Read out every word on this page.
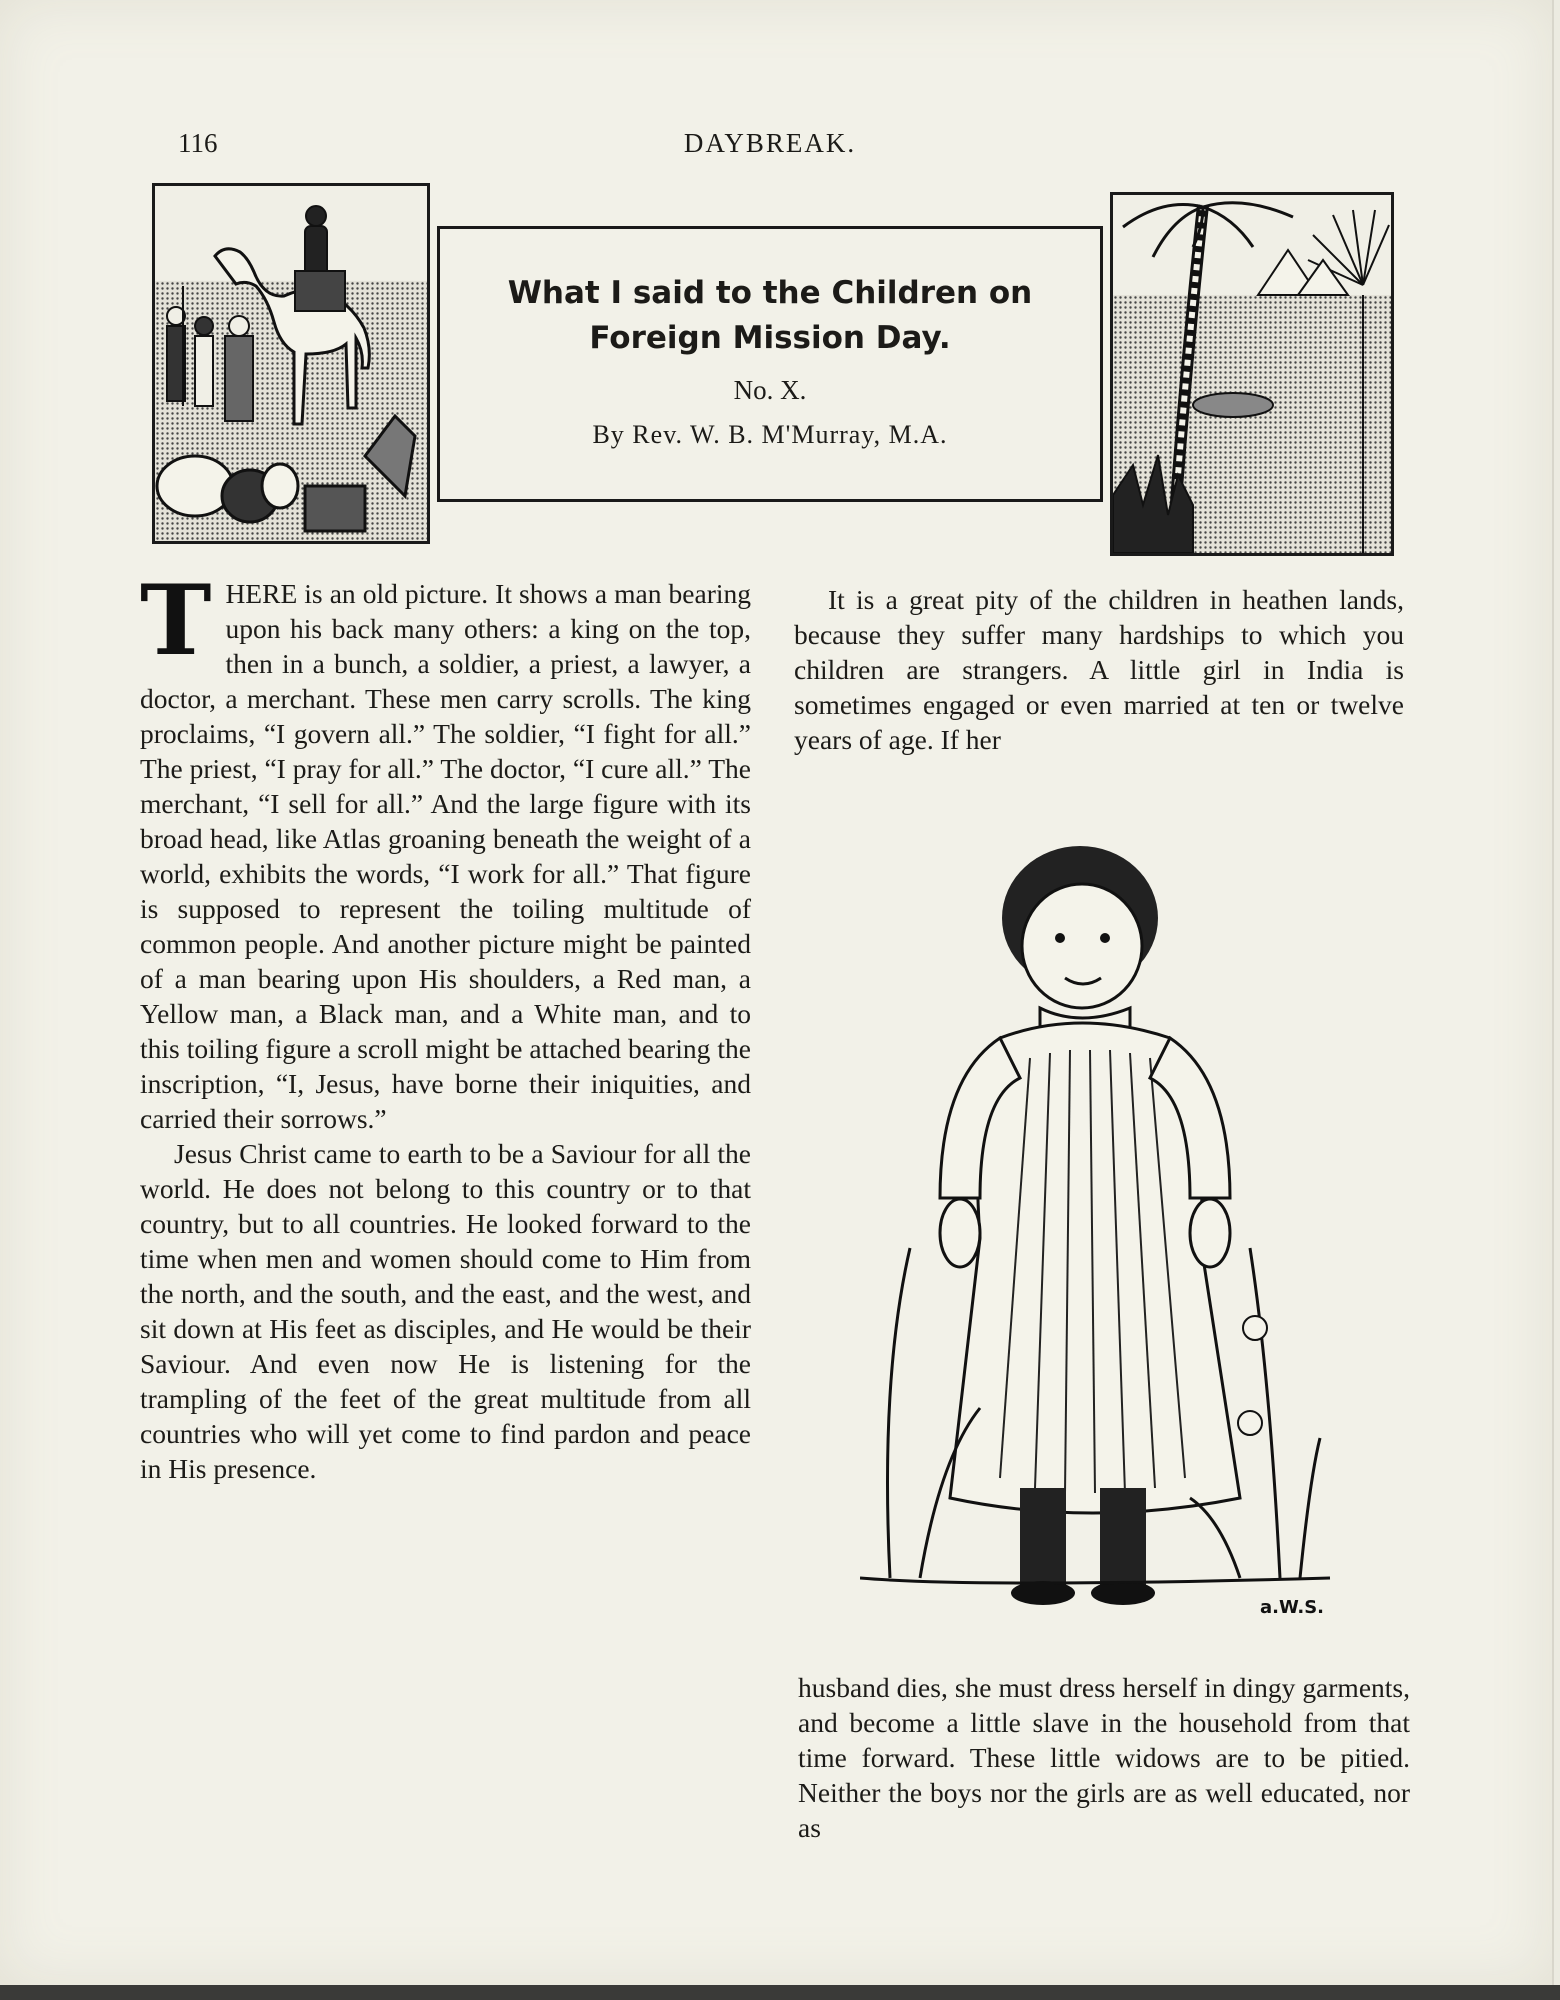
116	DAYBREAK.
What I said to the Children on Foreign Mission Day.
No. X.
By Rev. W. B. M'Murray, M.A.

THERE is an old picture. It shows a man bearing upon his back many others: a king on the top, then in a bunch, a soldier, a priest, a lawyer, a doctor, a merchant. These men carry scrolls. The king proclaims, “I govern all.” The soldier, “I fight for all.” The priest, “I pray for all.” The doctor, “I cure all.” The merchant, “I sell for all.” And the large figure with its broad head, like Atlas groaning beneath the weight of a world, exhibits the words, “I work for all.” That figure is supposed to represent the toiling multitude of common people. And another picture might be painted of a man bearing upon His shoulders, a Red man, a Yellow man, a Black man, and a White man, and to this toiling figure a scroll might be attached bearing the inscription, “I, Jesus, have borne their iniquities, and carried their sorrows.”

Jesus Christ came to earth to be a Saviour for all the world. He does not belong to this country or to that country, but to all countries. He looked forward to the time when men and women should come to Him from the north, and the south, and the east, and the west, and sit down at His feet as disciples, and He would be their Saviour. And even now He is listening for the trampling of the feet of the great multitude from all countries who will yet come to find pardon and peace in His presence.

It is a great pity of the children in heathen lands, because they suffer many hardships to which you children are strangers. A little girl in India is sometimes engaged or even married at ten or twelve years of age. If her

a.W.S.

husband dies, she must dress herself in dingy garments, and become a little slave in the household from that time forward. These little widows are to be pitied. Neither the boys nor the girls are as well educated, nor as
